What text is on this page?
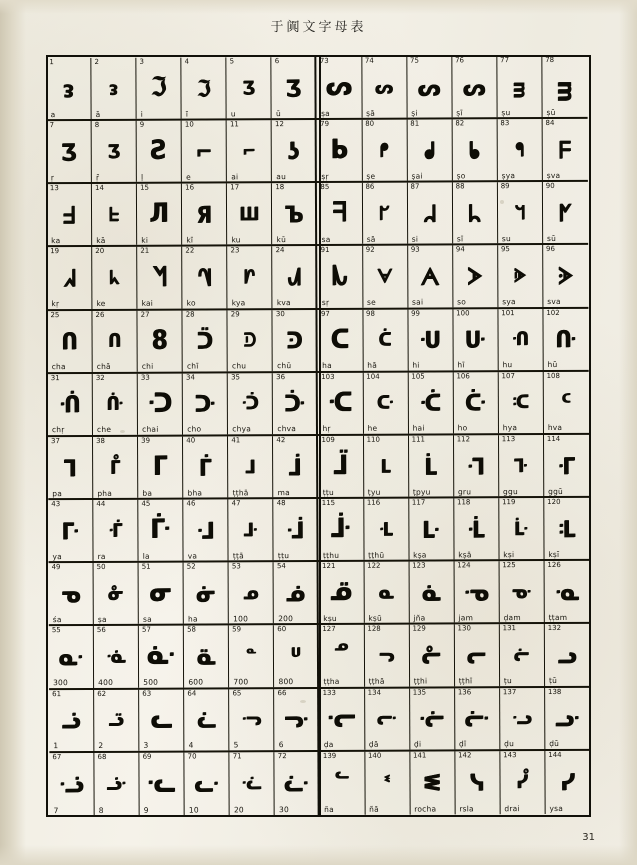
于阗文字母表
1
ᴈ
a
2
ᴈ
ā
3
ℑ
i
4
ℑ
ī
5
Ʒ
u
6
Ʒ
ū
73
ᔕ
ṣa
74
ᔕ
ṣā
75
ᔕ
ṣi
76
ᔕ
ṣī
77
ᴟ
ṣu
78
ᴟ
ṣū
7
Ʒ
ṛ
8
Ʒ
ṝ
9
Ƨ
ḷ
10
⌐
e
11
⌐
ai
12
ʖ
au
79
ᖯ
ṣṛ
80
ᖰ
ṣe
81
ᖱ
ṣai
82
ᖲ
ṣo
83
ᖳ
ṣya
84
ᖴ
ṣva
13
ᖵ
ka
14
ᖶ
kā
15
Л
ki
16
Я
kī
17
Ш
ku
18
Ъ
kū
85
ᖷ
sa
86
ᖸ
sā
87
ᖹ
si
88
ᖺ
sī
89
ᖻ
su
90
ᖼ
sū
19
ᖽ
kṛ
20
ᖾ
ke
21
ᖿ
kai
22
ᗀ
ko
23
ᗁ
kya
24
ᗂ
kva
91
ᗃ
sṛ
92
ᗄ
se
93
ᗅ
sai
94
ᗆ
so
95
ᗇ
sya
96
ᗈ
sva
25
ᑎ
cha
26
ᑎ
chā
27
8
chi
28
ᑒ
chī
29
ᑓ
chu
30
ᑔ
chū
97
ᑕ
ha
98
ᑖ
hā
99
ᑗ
hi
100
ᑘ
hī
101
ᑙ
hu
102
ᑚ
hū
31
ᑛ
chṛ
32
ᑜ
che
33
ᑝ
chai
34
ᑞ
cho
35
ᑟ
chya
36
ᑠ
chva
103
ᑡ
hṛ
104
ᑢ
he
105
ᑣ
hai
106
ᑤ
ho
107
ᑥ
hya
108
ᑦ
hva
37
ᒣ
pa
38
ᒤ
pha
39
ᒥ
ba
40
ᒦ
bha
41
ᒧ
ṭṭhā
42
ᒨ
ma
109
ᒩ
ṭṭu
110
ᒪ
ṭyu
111
ᒫ
ṭpyu
112
ᒬ
gru
113
ᒭ
ggu
114
ᒮ
ggū
43
ᒯ
ya
44
ᒰ
ra
45
ᒱ
la
46
ᒲ
va
47
ᒳ
ṭṭā
48
ᒴ
ṭṭu
115
ᒵ
ṭṭhu
116
ᒶ
ṭṭhū
117
ᒷ
kṣa
118
ᒸ
kṣā
119
ᒹ
kṣi
120
ᒺ
kṣī
49
ᓀ
śa
50
ᓁ
ṣa
51
ᓂ
sa
52
ᓃ
ha
53
ᓄ
100
54
ᓅ
200
121
ᓆ
kṣu
122
ᓇ
kṣū
123
ᓈ
jña
124
ᓉ
jam
125
ᓊ
ḍam
126
ᓋ
ṭṭam
55
ᓌ
300
56
ᓍ
400
57
ᓎ
500
58
ᓏ
600
59
ᓐ
700
60
ᓑ
800
127
ᓒ
ṭṭha
128
ᓓ
ṭṭhā
129
ᓔ
ṭṭhi
130
ᓕ
ṭṭhī
131
ᓖ
ṭu
132
ᓗ
ṭū
61
ᓘ
1
62
ᓙ
2
63
ᓚ
3
64
ᓛ
4
65
ᓜ
5
66
ᓝ
6
133
ᓞ
ḍa
134
ᓟ
ḍā
135
ᓠ
ḍi
136
ᓡ
ḍī
137
ᓢ
ḍu
138
ᓣ
ḍū
67
ᓤ
7
68
ᓥ
8
69
ᓦ
9
70
ᓧ
10
71
ᓨ
20
72
ᓩ
30
139
ᓪ
ña
140
ᓫ
ñā
141
ᓬ
rocha
142
ᓭ
rsla
143
ᓮ
drai
144
ᓯ
ysa
31
